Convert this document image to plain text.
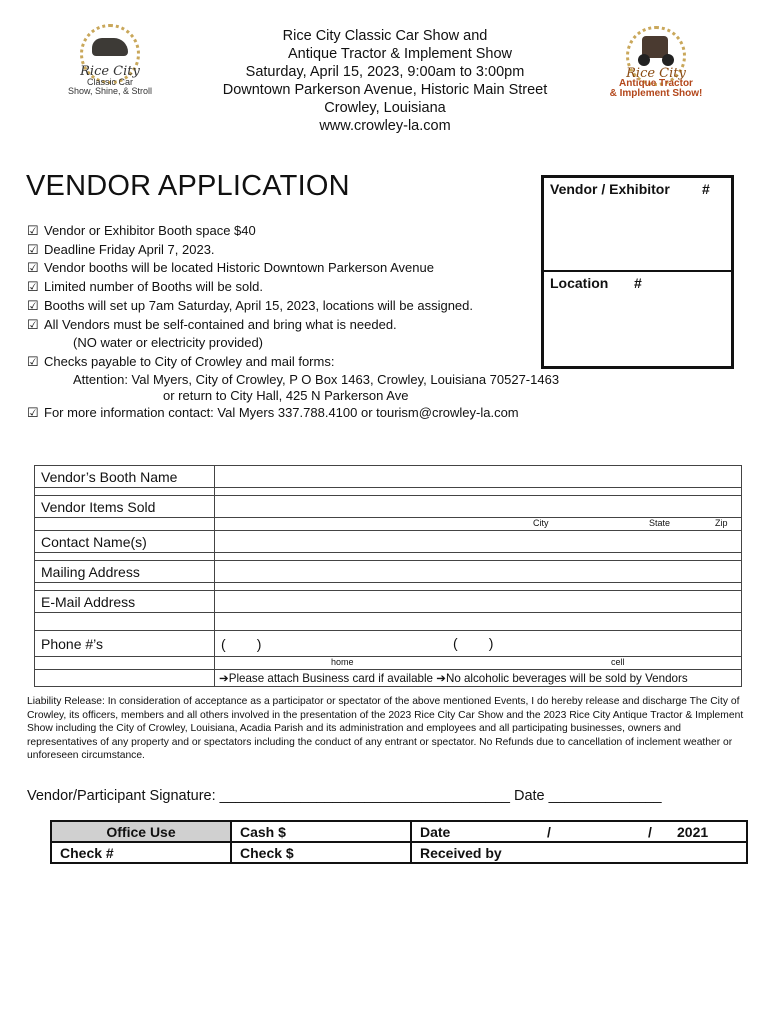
Rice City
Classic Car
Show, Shine, & Stroll
Rice City
Antique Tractor
& Implement Show!
Rice City Classic Car Show and
Antique Tractor & Implement Show
Saturday, April 15, 2023, 9:00am to 3:00pm
Downtown Parkerson Avenue, Historic Main Street
Crowley, Louisiana
www.crowley-la.com
VENDOR APPLICATION	Vendor / Exhibitor #
Location #
☑ Vendor or Exhibitor Booth space $40
☑ Deadline Friday April 7, 2023.
☑ Vendor booths will be located Historic Downtown Parkerson Avenue
☑ Limited number of Booths will be sold.
☑ Booths will set up 7am Saturday, April 15, 2023, locations will be assigned.
☑ All Vendors must be self-contained and bring what is needed.
(NO water or electricity provided)
☑ Checks payable to City of Crowley and mail forms:
Attention: Val Myers, City of Crowley, P O Box 1463, Crowley, Louisiana 70527-1463
or return to City Hall, 425 N Parkerson Ave
☑ For more information contact: Val Myers 337.788.4100 or tourism@crowley-la.com
Vendor’s Booth Name	

Vendor Items Sold	

	City State Zip

Contact Name(s)	

Mailing Address	

E-Mail Address	

Phone #’s	(        ) (        )

	home cell

	➔Please attach Business card if available ➔No alcoholic beverages will be sold by Vendors
Liability Release: In consideration of acceptance as a participator or spectator of the above mentioned Events, I do hereby release and discharge The City of Crowley, its officers, members and all others involved in the presentation of the 2023 Rice City Car Show and the 2023 Rice City Antique Tractor & Implement Show including the City of Crowley, Louisiana, Acadia Parish and its administration and employees and all participating businesses, owners and representatives of any property and or spectators including the conduct of any entrant or spectator. No Refunds due to cancellation of inclement weather or unforeseen circumstance.
Vendor/Participant Signature: ____________________________________ Date ______________
Office Use	Cash $	Date / / 2021

Check #	Check $	Received by
